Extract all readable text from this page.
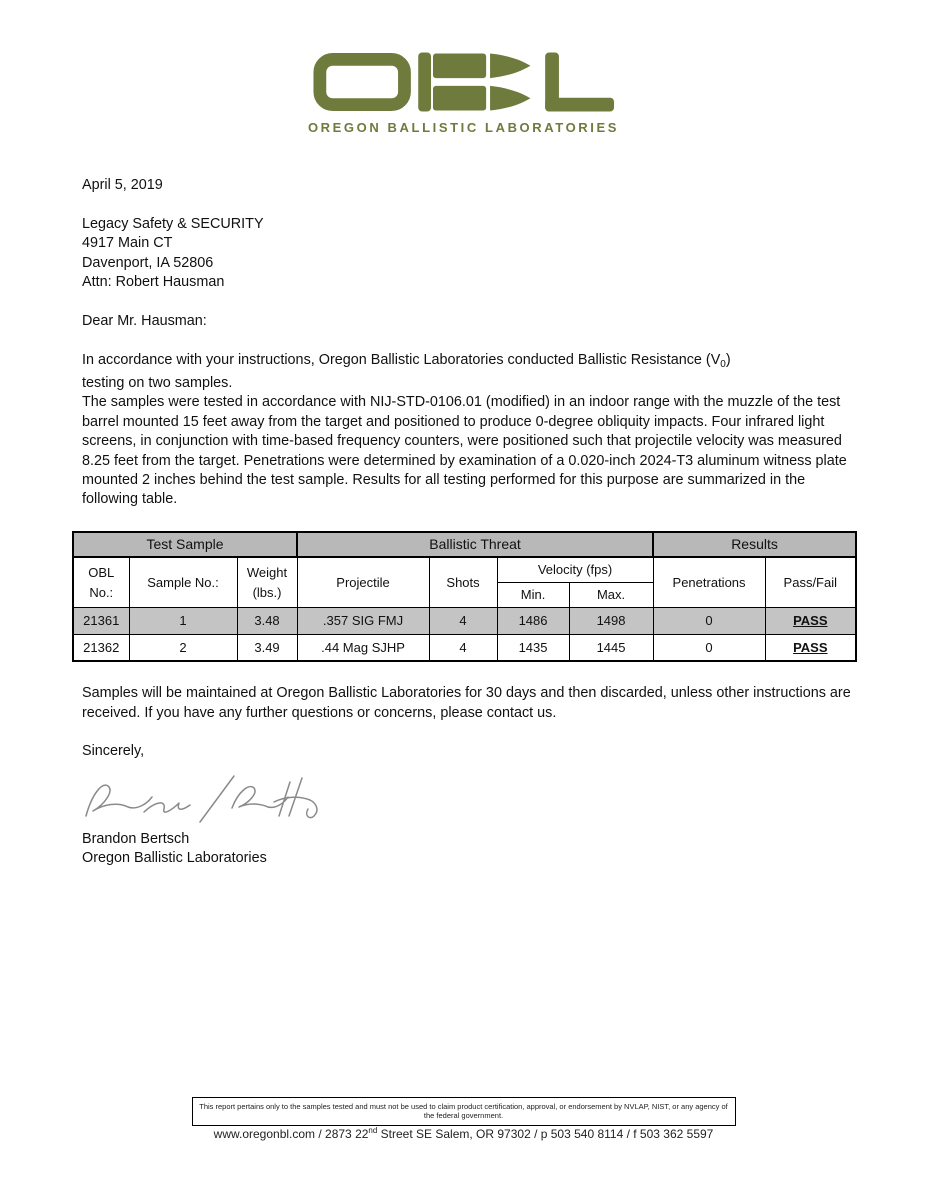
OREGON BALLISTIC LABORATORIES
April 5, 2019
Legacy Safety & SECURITY
4917 Main CT
Davenport, IA 52806
Attn: Robert Hausman
Dear Mr. Hausman:
In accordance with your instructions, Oregon Ballistic Laboratories conducted Ballistic Resistance $(V_0)$
testing on two samples.
The samples were tested in accordance with NIJ-STD-0106.01 (modified) in an indoor range with the muzzle of the test barrel mounted 15 feet away from the target and positioned to produce 0-degree obliquity impacts. Four infrared light screens, in conjunction with time-based frequency counters, were positioned such that projectile velocity was measured 8.25 feet from the target. Penetrations were determined by examination of a 0.020-inch 2024-T3 aluminum witness plate mounted 2 inches behind the test sample. Results for all testing performed for this purpose are summarized in the following table.
Test Sample			Ballistic Threat				Results	
OBL No.:	Sample No.:	Weight (lbs.)	Projectile	Shots	Velocity (fps)		Penetrations	Pass/Fail
					Min.	Max.		
21361	1	3.48	.357 SIG FMJ	4	1486	1498	0	PASS
21362	2	3.49	.44 Mag SJHP	4	1435	1445	0	PASS
Samples will be maintained at Oregon Ballistic Laboratories for 30 days and then discarded, unless other instructions are received. If you have any further questions or concerns, please contact us.
Sincerely,
Brandon Bertsch
Oregon Ballistic Laboratories
This report pertains only to the samples tested and must not be used to claim product certification, approval, or endorsement by NVLAP, NIST, or any agency of the federal government.
www.oregonbl.com / 2873 22nd Street SE Salem, OR 97302 / p 503 540 8114 / f 503 362 5597
